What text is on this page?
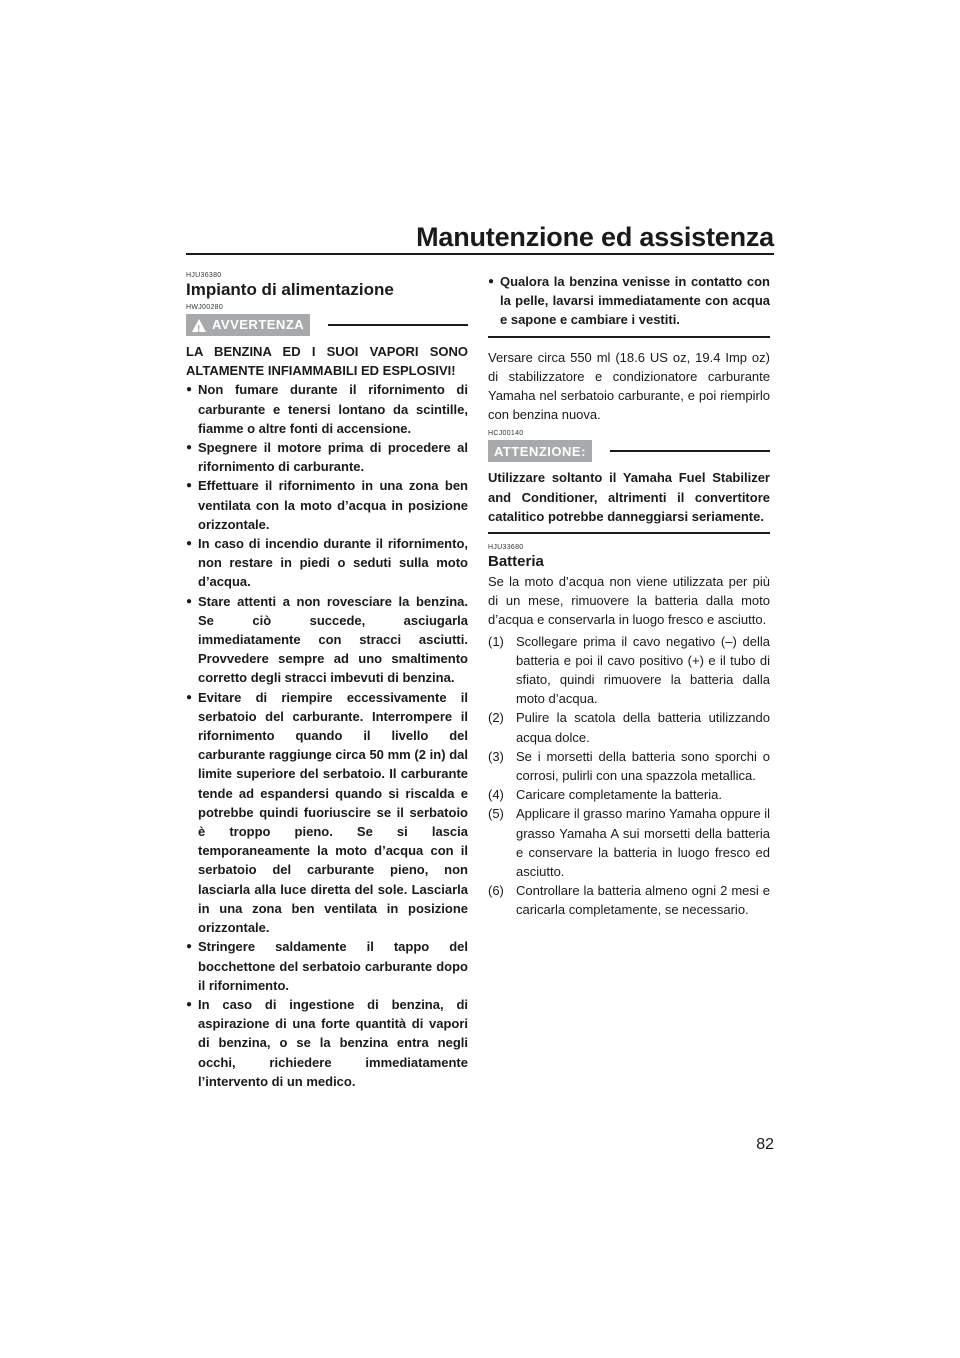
Manutenzione ed assistenza
HJU36380
Impianto di alimentazione
HWJ00280
!
AVVERTENZA

LA BENZINA ED I SUOI VAPORI SONO ALTAMENTE INFIAMMABILI ED ESPLOSIVI!

● Non fumare durante il rifornimento di carburante e tenersi lontano da scintille, fiamme o altre fonti di accensione.
● Spegnere il motore prima di procedere al rifornimento di carburante.
● Effettuare il rifornimento in una zona ben ventilata con la moto d’acqua in posizione orizzontale.
● In caso di incendio durante il rifornimento, non restare in piedi o seduti sulla moto d’acqua.
● Stare attenti a non rovesciare la benzina. Se ciò succede, asciugarla immediatamente con stracci asciutti. Provvedere sempre ad uno smaltimento corretto degli stracci imbevuti di benzina.
● Evitare di riempire eccessivamente il serbatoio del carburante. Interrompere il rifornimento quando il livello del carburante raggiunge circa 50 mm (2 in) dal limite superiore del serbatoio. Il carburante tende ad espandersi quando si riscalda e potrebbe quindi fuoriuscire se il serbatoio è troppo pieno. Se si lascia temporaneamente la moto d’acqua con il serbatoio del carburante pieno, non lasciarla alla luce diretta del sole. Lasciarla in una zona ben ventilata in posizione orizzontale.
● Stringere saldamente il tappo del bocchettone del serbatoio carburante dopo il rifornimento.
● In caso di ingestione di benzina, di aspirazione di una forte quantità di vapori di benzina, o se la benzina entra negli occhi, richiedere immediatamente l’intervento di un medico.
● Qualora la benzina venisse in contatto con la pelle, lavarsi immediatamente con acqua e sapone e cambiare i vestiti.

Versare circa 550 ml (18.6 US oz, 19.4 Imp oz) di stabilizzatore e condizionatore carburante Yamaha nel serbatoio carburante, e poi riempirlo con benzina nuova.

HCJ00140
ATTENZIONE:

Utilizzare soltanto il Yamaha Fuel Stabilizer and Conditioner, altrimenti il convertitore catalitico potrebbe danneggiarsi seriamente.

HJU33680
Batteria

Se la moto d’acqua non viene utilizzata per più di un mese, rimuovere la batteria dalla moto d’acqua e conservarla in luogo fresco e asciutto.

(1) Scollegare prima il cavo negativo (–) della batteria e poi il cavo positivo (+) e il tubo di sfiato, quindi rimuovere la batteria dalla moto d’acqua.
(2) Pulire la scatola della batteria utilizzando acqua dolce.
(3) Se i morsetti della batteria sono sporchi o corrosi, pulirli con una spazzola metallica.
(4) Caricare completamente la batteria.
(5) Applicare il grasso marino Yamaha oppure il grasso Yamaha A sui morsetti della batteria e conservare la batteria in luogo fresco ed asciutto.
(6) Controllare la batteria almeno ogni 2 mesi e caricarla completamente, se necessario.
82
